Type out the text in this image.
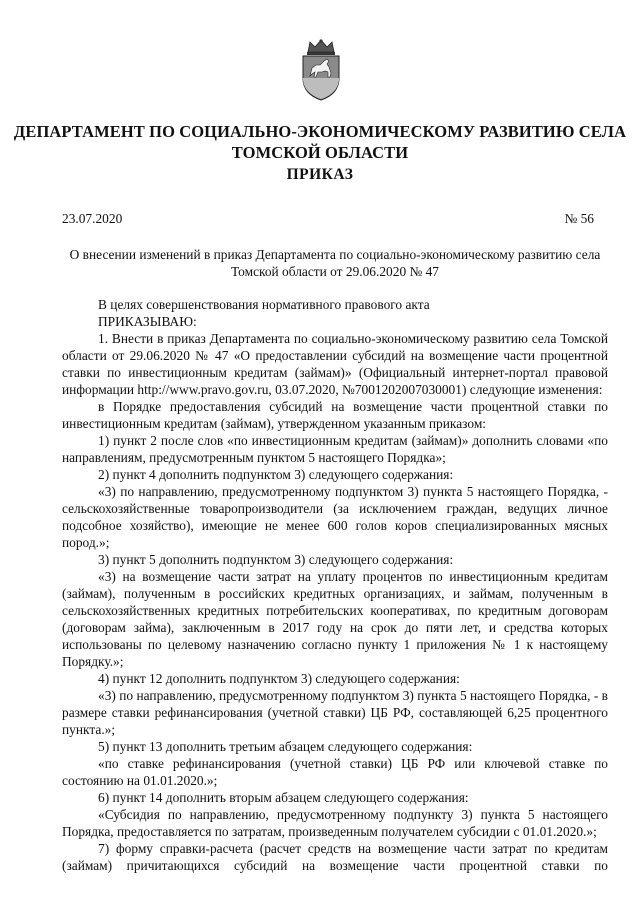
ДЕПАРТАМЕНТ ПО СОЦИАЛЬНО-ЭКОНОМИЧЕСКОМУ РАЗВИТИЮ СЕЛА ТОМСКОЙ ОБЛАСТИ
ПРИКАЗ
23.07.2020	№ 56
О внесении изменений в приказ Департамента по социально-экономическому развитию села Томской области от 29.06.2020 № 47

В целях совершенствования нормативного правового акта

ПРИКАЗЫВАЮ:

1. Внести в приказ Департамента по социально-экономическому развитию села Томской области от 29.06.2020 № 47 «О предоставлении субсидий на возмещение части процентной ставки по инвестиционным кредитам (займам)» (Официальный интернет-портал правовой информации http://www.pravo.gov.ru, 03.07.2020, №7001202007030001) следующие изменения:

в Порядке предоставления субсидий на возмещение части процентной ставки по инвестиционным кредитам (займам), утвержденном указанным приказом:

1) пункт 2 после слов «по инвестиционным кредитам (займам)» дополнить словами «по направлениям, предусмотренным пунктом 5 настоящего Порядка»;

2) пункт 4 дополнить подпунктом 3) следующего содержания:

«3) по направлению, предусмотренному подпунктом 3) пункта 5 настоящего Порядка, - сельскохозяйственные товаропроизводители (за исключением граждан, ведущих личное подсобное хозяйство), имеющие не менее 600 голов коров специализированных мясных пород.»;

3) пункт 5 дополнить подпунктом 3) следующего содержания:

«3) на возмещение части затрат на уплату процентов по инвестиционным кредитам (займам), полученным в российских кредитных организациях, и займам, полученным в сельскохозяйственных кредитных потребительских кооперативах, по кредитным договорам (договорам займа), заключенным в 2017 году на срок до пяти лет, и средства которых использованы по целевому назначению согласно пункту 1 приложения № 1 к настоящему Порядку.»;

4) пункт 12 дополнить подпунктом 3) следующего содержания:

«3) по направлению, предусмотренному подпунктом 3) пункта 5 настоящего Порядка, - в размере ставки рефинансирования (учетной ставки) ЦБ РФ, составляющей 6,25 процентного пункта.»;

5) пункт 13 дополнить третьим абзацем следующего содержания:

«по ставке рефинансирования (учетной ставки) ЦБ РФ или ключевой ставке по состоянию на 01.01.2020.»;

6) пункт 14 дополнить вторым абзацем следующего содержания:

«Субсидия по направлению, предусмотренному подпункту 3) пункта 5 настоящего Порядка, предоставляется по затратам, произведенным получателем субсидии с 01.01.2020.»;

7) форму справки-расчета (расчет средств на возмещение части затрат по кредитам (займам) причитающихся субсидий на возмещение части процентной ставки по
